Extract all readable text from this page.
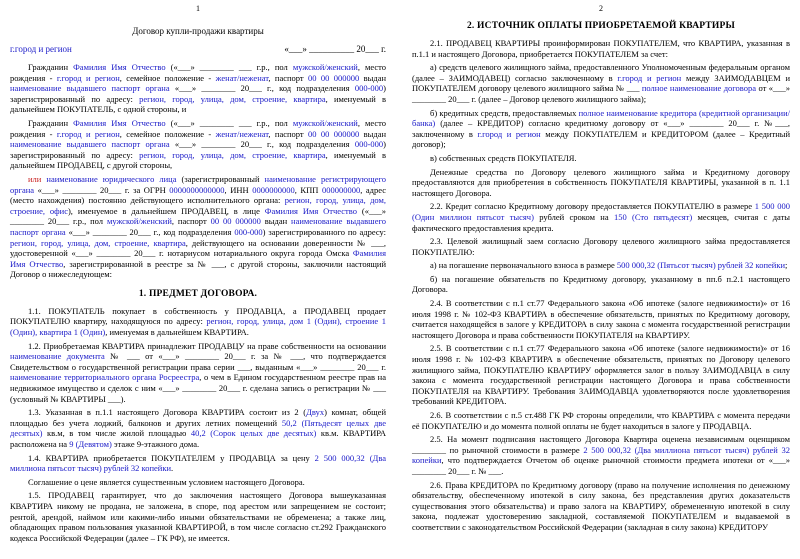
1
Договор купли-продажи квартиры
г.город и регион	«___» __________ 20___ г.

Гражданин Фамилия Имя Отчество («___» ________ ___ г.р., пол мужской/женский, место рождения - г.город и регион, семейное положение - женат/неженат, паспорт 00 00 000000 выдан наименование выдавшего паспорт органа «___» ________ 20___ г., код подразделения 000-000) зарегистрированный по адресу: регион, город, улица, дом, строение, квартира, именуемый в дальнейшем ПОКУПАТЕЛЬ, с одной стороны, и

Гражданин Фамилия Имя Отчество («___» ________ ___ г.р., пол мужской/женский, место рождения - г.город и регион, семейное положение - женат/неженат, паспорт 00 00 000000 выдан наименование выдавшего паспорт органа «___» ________ 20___ г., код подразделения 000-000) зарегистрированный по адресу: регион, город, улица, дом, строение, квартира, именуемый в дальнейшем ПРОДАВЕЦ, с другой стороны,

или наименование юридического лица (зарегистрированный наименование регистрирующего органа «___» ________ 20___ г. за ОГРН 0000000000000, ИНН 0000000000, КПП 000000000, адрес (место нахождения) постоянно действующего исполнительного органа: регион, город, улица, дом, строение, офис), именуемое в дальнейшем ПРОДАВЕЦ, в лице Фамилия Имя Отчество («___» ________ 20___ г.р., пол мужской/женский, паспорт 00 00 000000 выдан наименование выдавшего паспорт органа «___» ________ 20___ г., код подразделения 000-000) зарегистрированного по адресу: регион, город, улица, дом, строение, квартира, действующего на основании доверенности № ___, удостоверенной «___» ________ 20___ г. нотариусом нотариального округа города Омска Фамилия Имя Отчество, зарегистрированной в реестре за № ___, с другой стороны, заключили настоящий Договор о нижеследующем:

1. ПРЕДМЕТ ДОГОВОРА.

1.1. ПОКУПАТЕЛЬ покупает в собственность у ПРОДАВЦА, а ПРОДАВЕЦ продает ПОКУПАТЕЛЮ квартиру, находящуюся по адресу: регион, город, улица, дом 1 (Один), строение 1 (Один), квартира 1 (Один), именуемая в дальнейшем КВАРТИРА.

1.2. Приобретаемая КВАРТИРА принадлежит ПРОДАВЦУ на праве собственности на основании наименование документа № ___ от «___» ________ 20___ г. за № ___, что подтверждается Свидетельством о государственной регистрации права серии ___, выданным «___» ________ 20___ г. наименование территориального органа Росреестра, о чем в Едином государственном реестре прав на недвижимое имущество и сделок с ним «___» ________ 20___ г. сделана запись о регистрации № ___ (условный № КВАРТИРЫ ___).

1.3. Указанная в п.1.1 настоящего Договора КВАРТИРА состоит из 2 (Двух) комнат, общей площадью без учета лоджий, балконов и других летних помещений 50,2 (Пятьдесят целых две десятых) кв.м, в том числе жилой площадью 40,2 (Сорок целых две десятых) кв.м. КВАРТИРА расположена на 9 (Девятом) этаже 9-этажного дома.

1.4. КВАРТИРА приобретается ПОКУПАТЕЛЕМ у ПРОДАВЦА за цену 2 500 000,32 (Два миллиона пятьсот тысяч) рублей 32 копейки.

Соглашение о цене является существенным условием настоящего Договора.

1.5. ПРОДАВЕЦ гарантирует, что до заключения настоящего Договора вышеуказанная КВАРТИРА никому не продана, не заложена, в споре, под арестом или запрещением не состоит; рентой, арендой, наймом или какими-либо иными обязательствами не обременена; а также лиц, обладающих правом пользования указанной КВАРТИРОЙ, в том числе согласно ст.292 Гражданского кодекса Российской Федерации (далее – ГК РФ), не имеется.

2
2. ИСТОЧНИК ОПЛАТЫ ПРИОБРЕТАЕМОЙ КВАРТИРЫ

2.1. ПРОДАВЕЦ КВАРТИРЫ проинформирован ПОКУПАТЕЛЕМ, что КВАРТИРА, указанная в п.1.1 и настоящего Договора, приобретается ПОКУПАТЕЛЕМ за счет:

а) средств целевого жилищного займа, предоставленного Уполномоченным федеральным органом (далее – ЗАИМОДАВЕЦ) согласно заключенному в г.город и регион между ЗАИМОДАВЦЕМ и ПОКУПАТЕЛЕМ договору целевого жилищного займа № ___ полное наименование договора от «___» ________ 20___ г. (далее – Договор целевого жилищного займа);

б) кредитных средств, предоставляемых полное наименование кредитора (кредитной организации/банка) (далее – КРЕДИТОР) согласно кредитному договору от «___» ________ 20___ г. №___, заключенному в г.город и регион между ПОКУПАТЕЛЕМ и КРЕДИТОРОМ (далее – Кредитный договор);

в) собственных средств ПОКУПАТЕЛЯ.

Денежные средства по Договору целевого жилищного займа и Кредитному договору предоставляются для приобретения в собственность ПОКУПАТЕЛЯ КВАРТИРЫ, указанной в п. 1.1 настоящего Договора.

2.2. Кредит согласно Кредитному договору предоставляется ПОКУПАТЕЛЮ в размере 1 500 000 (Один миллион пятьсот тысяч) рублей сроком на 150 (Сто пятьдесят) месяцев, считая с даты фактического предоставления кредита.

2.3. Целевой жилищный заем согласно Договору целевого жилищного займа предоставляется ПОКУПАТЕЛЮ:

а) на погашение первоначального взноса в размере 500 000,32 (Пятьсот тысяч) рублей 32 копейки;

б) на погашение обязательств по Кредитному договору, указанному в пп.б п.2.1 настоящего Договора.

2.4. В соответствии с п.1 ст.77 Федерального закона «Об ипотеке (залоге недвижимости)» от 16 июля 1998 г. № 102-ФЗ КВАРТИРА в обеспечение обязательств, принятых по Кредитному договору, считается находящейся в залоге у КРЕДИТОРА в силу закона с момента государственной регистрации настоящего Договора и права собственности ПОКУПАТЕЛЯ на КВАРТИРУ.

2.5. В соответствии с п.1 ст.77 Федерального закона «Об ипотеке (залоге недвижимости)» от 16 июля 1998 г. № 102-ФЗ КВАРТИРА в обеспечение обязательств, принятых по Договору целевого жилищного займа, ПОКУПАТЕЛЮ КВАРТИРУ оформляется залог в пользу ЗАИМОДАВЦА в силу закона с момента государственной регистрации настоящего Договора и права собственности ПОКУПАТЕЛЯ на КВАРТИРУ. Требования ЗАИМОДАВЦА удовлетворяются после удовлетворения требований КРЕДИТОРА.

2.6. В соответствии с п.5 ст.488 ГК РФ стороны определили, что КВАРТИРА с момента передачи её ПОКУПАТЕЛЮ и до момента полной оплаты не будет находиться в залоге у ПРОДАВЦА.

2.5. На момент подписания настоящего Договора Квартира оценена независимым оценщиком ________ по рыночной стоимости в размере 2 500 000,32 (Два миллиона пятьсот тысяч) рублей 32 копейки, что подтверждается Отчетом об оценке рыночной стоимости предмета ипотеки от «___» ________ 20___ г. № ___.

2.6. Права КРЕДИТОРА по Кредитному договору (право на получение исполнения по денежному обязательству, обеспеченному ипотекой в силу закона, без представления других доказательств существования этого обязательства) и право залога на КВАРТИРУ, обремененную ипотекой в силу закона, подлежат удостоверению закладной, составляемой ПОКУПАТЕЛЕМ и выдаваемой в соответствии с законодательством Российской Федерации (закладная в силу закона) КРЕДИТОРУ
